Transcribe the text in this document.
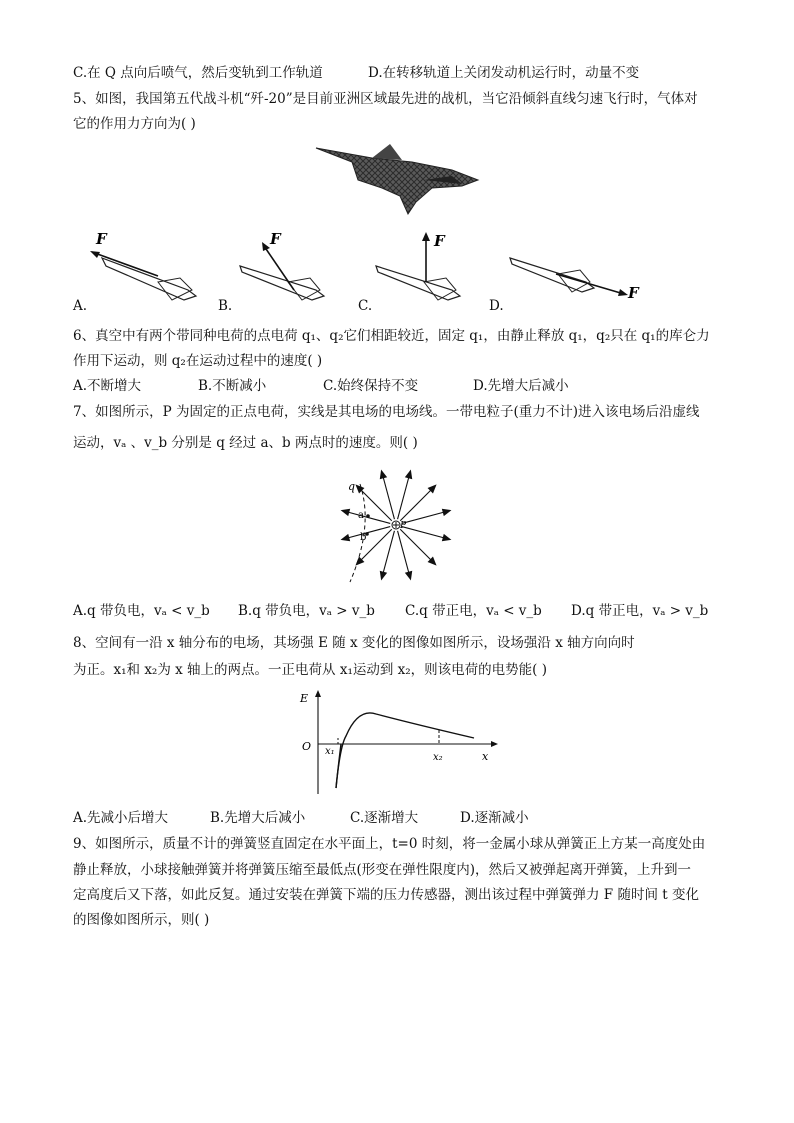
C.在 Q 点向后喷气，然后变轨到工作轨道	D.在转移轨道上关闭发动机运行时，动量不变
5、如图，我国第五代战斗机“歼-20”是目前亚洲区域最先进的战机，当它沿倾斜直线匀速飞行时，气体对
它的作用力方向为( )
F
A.
F
B.
F
C.
F
D.
6、真空中有两个带同种电荷的点电荷 q₁、q₂它们相距较近，固定 q₁，由静止释放 q₁，q₂只在 q₁的库仑力
作用下运动，则 q₂在运动过程中的速度( )
A.不断增大	B.不断减小	C.始终保持不变	D.先增大后减小
7、如图所示，P 为固定的正点电荷，实线是其电场的电场线。一带电粒子(重力不计)进入该电场后沿虚线
运动，vₐ 、v_b 分别是 q 经过 a、b 两点时的速度。则( )
q
a
b
P
A.q 带负电，vₐ < v_b B.q 带负电，vₐ > v_b C.q 带正电，vₐ < v_b D.q 带正电，vₐ > v_b
8、空间有一沿 x 轴分布的电场，其场强 E 随 x 变化的图像如图所示，设场强沿 x 轴方向向时
为正。x₁和 x₂为 x 轴上的两点。一正电荷从 x₁运动到 x₂，则该电荷的电势能( )
E
O x₁
x₂	x
A.先减小后增大	B.先增大后减小	C.逐渐增大	D.逐渐减小
9、如图所示，质量不计的弹簧竖直固定在水平面上，t=0 时刻，将一金属小球从弹簧正上方某一高度处由
静止释放，小球接触弹簧并将弹簧压缩至最低点(形变在弹性限度内)，然后又被弹起离开弹簧，上升到一
定高度后又下落，如此反复。通过安装在弹簧下端的压力传感器，测出该过程中弹簧弹力 F 随时间 t 变化
的图像如图所示，则( )
